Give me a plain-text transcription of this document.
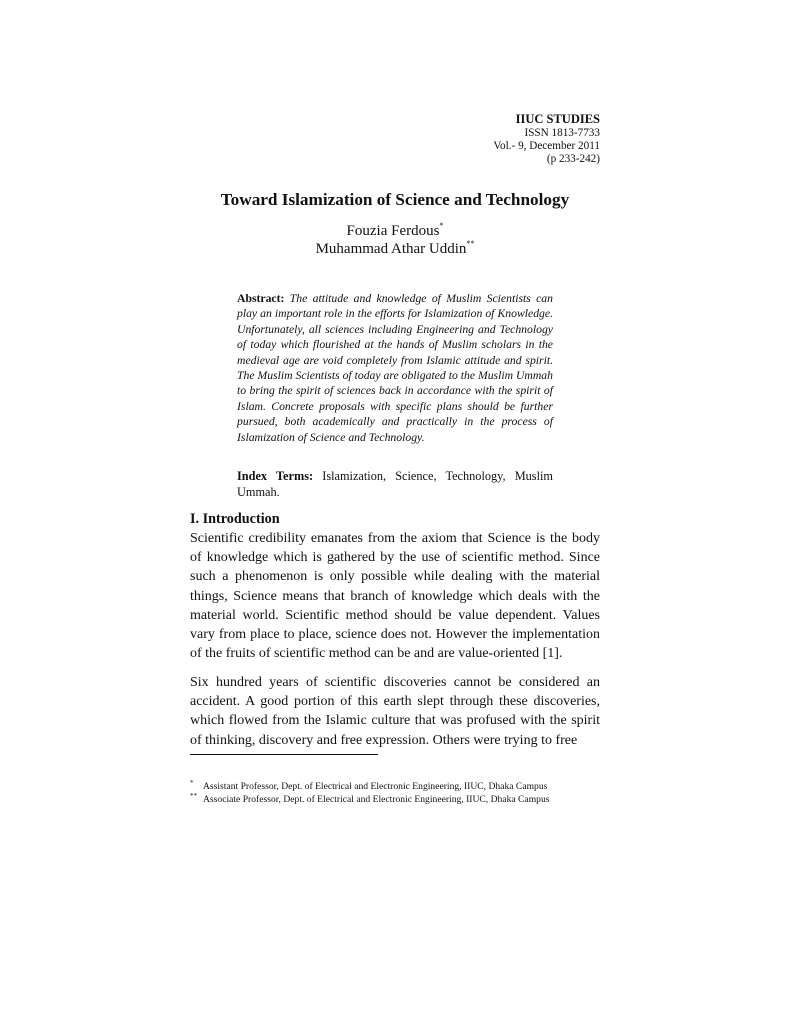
IIUC STUDIES
ISSN 1813-7733
Vol.- 9, December 2011
(p 233-242)
Toward Islamization of Science and Technology
Fouzia Ferdous*
Muhammad Athar Uddin**
Abstract: The attitude and knowledge of Muslim Scientists can play an important role in the efforts for Islamization of Knowledge. Unfortunately, all sciences including Engineering and Technology of today which flourished at the hands of Muslim scholars in the medieval age are void completely from Islamic attitude and spirit. The Muslim Scientists of today are obligated to the Muslim Ummah to bring the spirit of sciences back in accordance with the spirit of Islam. Concrete proposals with specific plans should be further pursued, both academically and practically in the process of Islamization of Science and Technology.
Index Terms: Islamization, Science, Technology, Muslim Ummah.
I. Introduction
Scientific credibility emanates from the axiom that Science is the body of knowledge which is gathered by the use of scientific method. Since such a phenomenon is only possible while dealing with the material things, Science means that branch of knowledge which deals with the material world. Scientific method should be value dependent. Values vary from place to place, science does not. However the implementation of the fruits of scientific method can be and are value-oriented [1].
Six hundred years of scientific discoveries cannot be considered an accident. A good portion of this earth slept through these discoveries, which flowed from the Islamic culture that was profused with the spirit of thinking, discovery and free expression. Others were trying to free
* Assistant Professor, Dept. of Electrical and Electronic Engineering, IIUC, Dhaka Campus
** Associate Professor, Dept. of Electrical and Electronic Engineering, IIUC, Dhaka Campus
